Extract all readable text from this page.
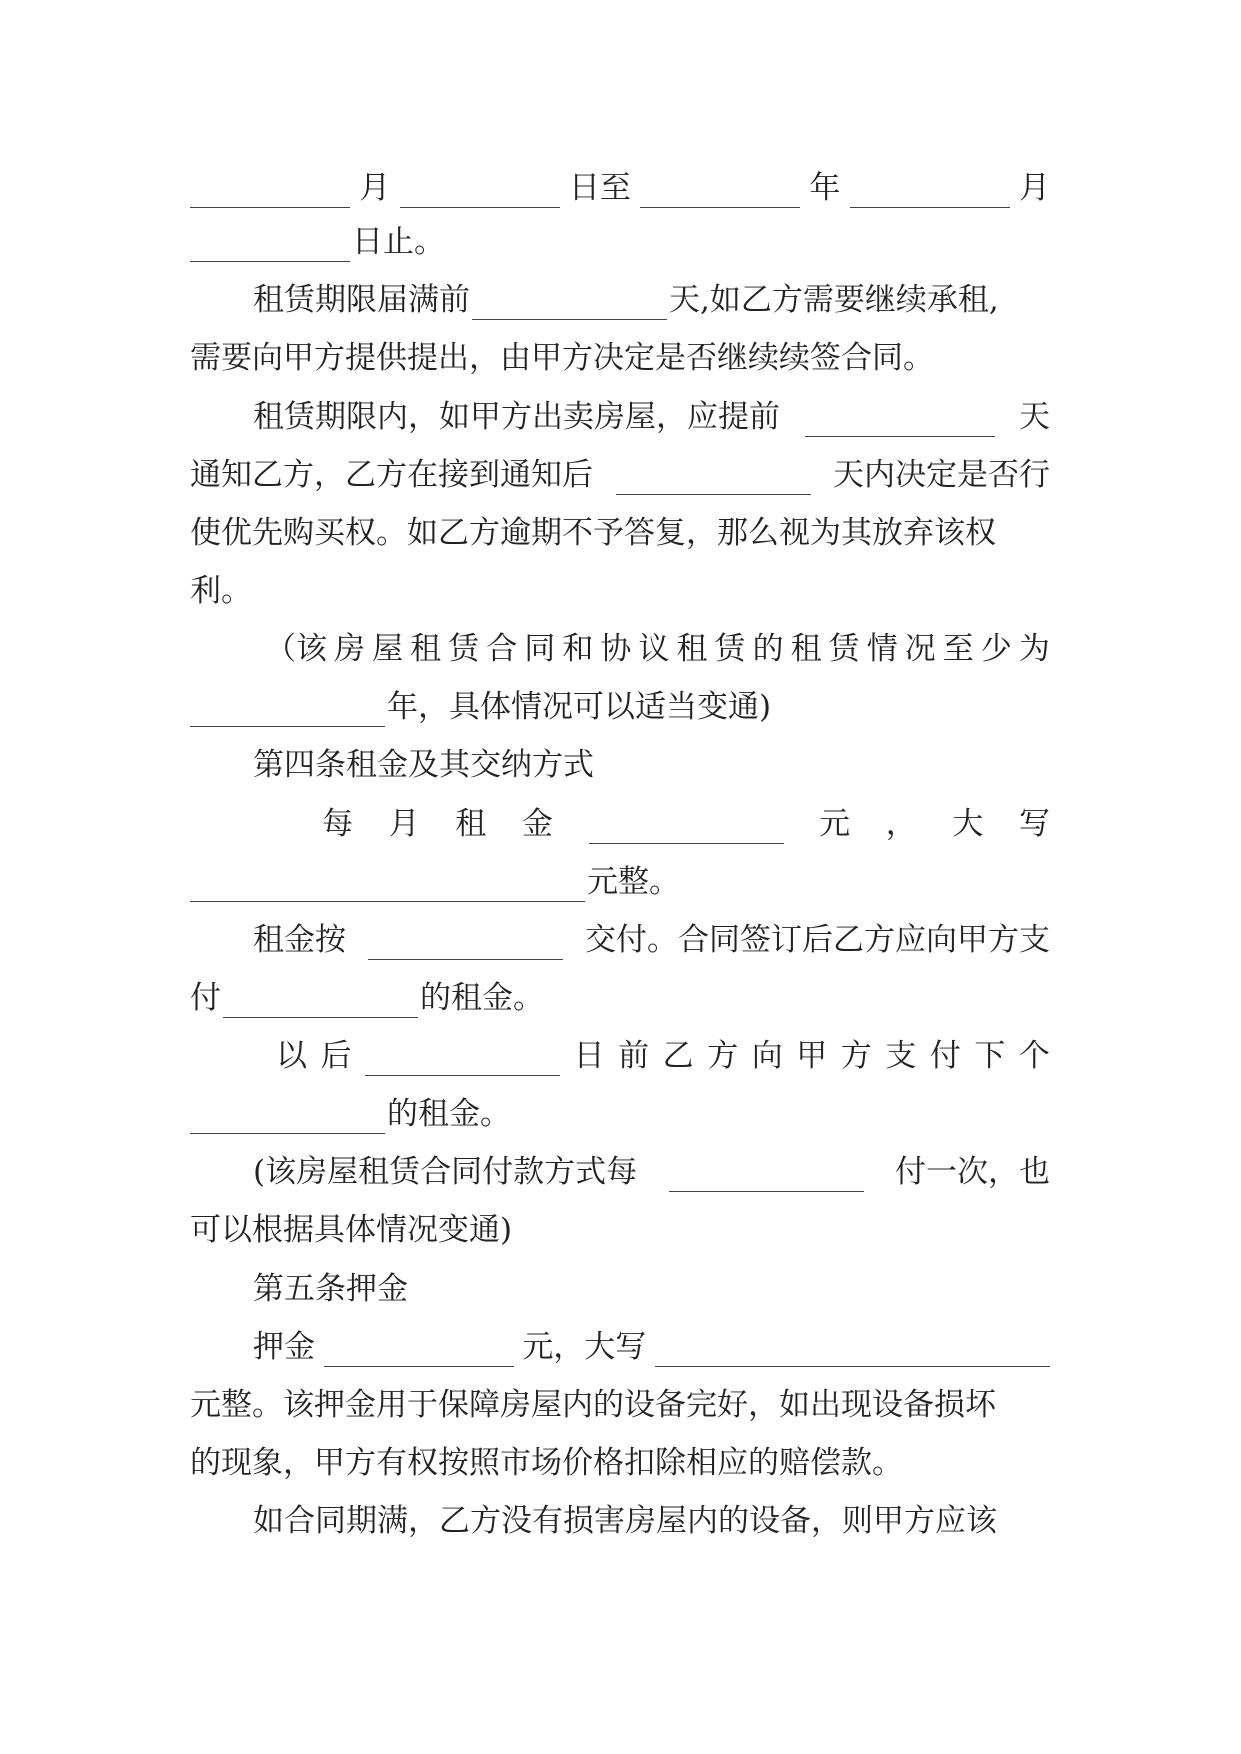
月	日至	年	月
日止。
租赁期限届满前	天,如乙方需要继续承租,
需要向甲方提供提出，由甲方决定是否继续续签合同。
租赁期限内，如甲方出卖房屋，应提前	天
通知乙方，乙方在接到通知后	天内决定是否行
使优先购买权。如乙方逾期不予答复，那么视为其放弃该权
利。
（该 房 屋 租 赁 合 同 和 协 议 租 赁 的 租 赁 情 况 至 少 为
年，具体情况可以适当变通)
第四条租金及其交纳方式
每 月 租 金	元 ， 大 写
元整。
租金按	交付。合同签订后乙方应向甲方支
付	的租金。
以 后	日 前 乙 方 向 甲 方 支 付 下 个
的租金。
(该房屋租赁合同付款方式每	付一次，也
可以根据具体情况变通)
第五条押金
押金	元，大写
元整。该押金用于保障房屋内的设备完好，如出现设备损坏
的现象，甲方有权按照市场价格扣除相应的赔偿款。
如合同期满，乙方没有损害房屋内的设备，则甲方应该
